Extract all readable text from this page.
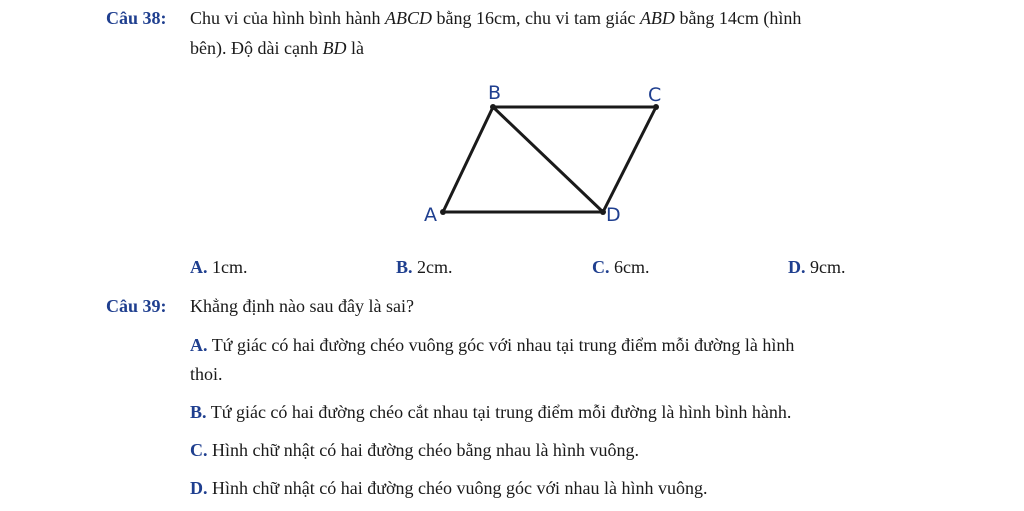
Câu 38: Chu vi của hình bình hành ABCD bằng 16cm, chu vi tam giác ABD bằng 14cm (hình
bên). Độ dài cạnh BD là
B	C
A	D
A. 1cm.	B. 2cm.	C. 6cm.	D. 9cm.
Câu 39: Khẳng định nào sau đây là sai?
A. Tứ giác có hai đường chéo vuông góc với nhau tại trung điểm mỗi đường là hình
thoi.
B. Tứ giác có hai đường chéo cắt nhau tại trung điểm mỗi đường là hình bình hành.
C. Hình chữ nhật có hai đường chéo bằng nhau là hình vuông.
D. Hình chữ nhật có hai đường chéo vuông góc với nhau là hình vuông.
